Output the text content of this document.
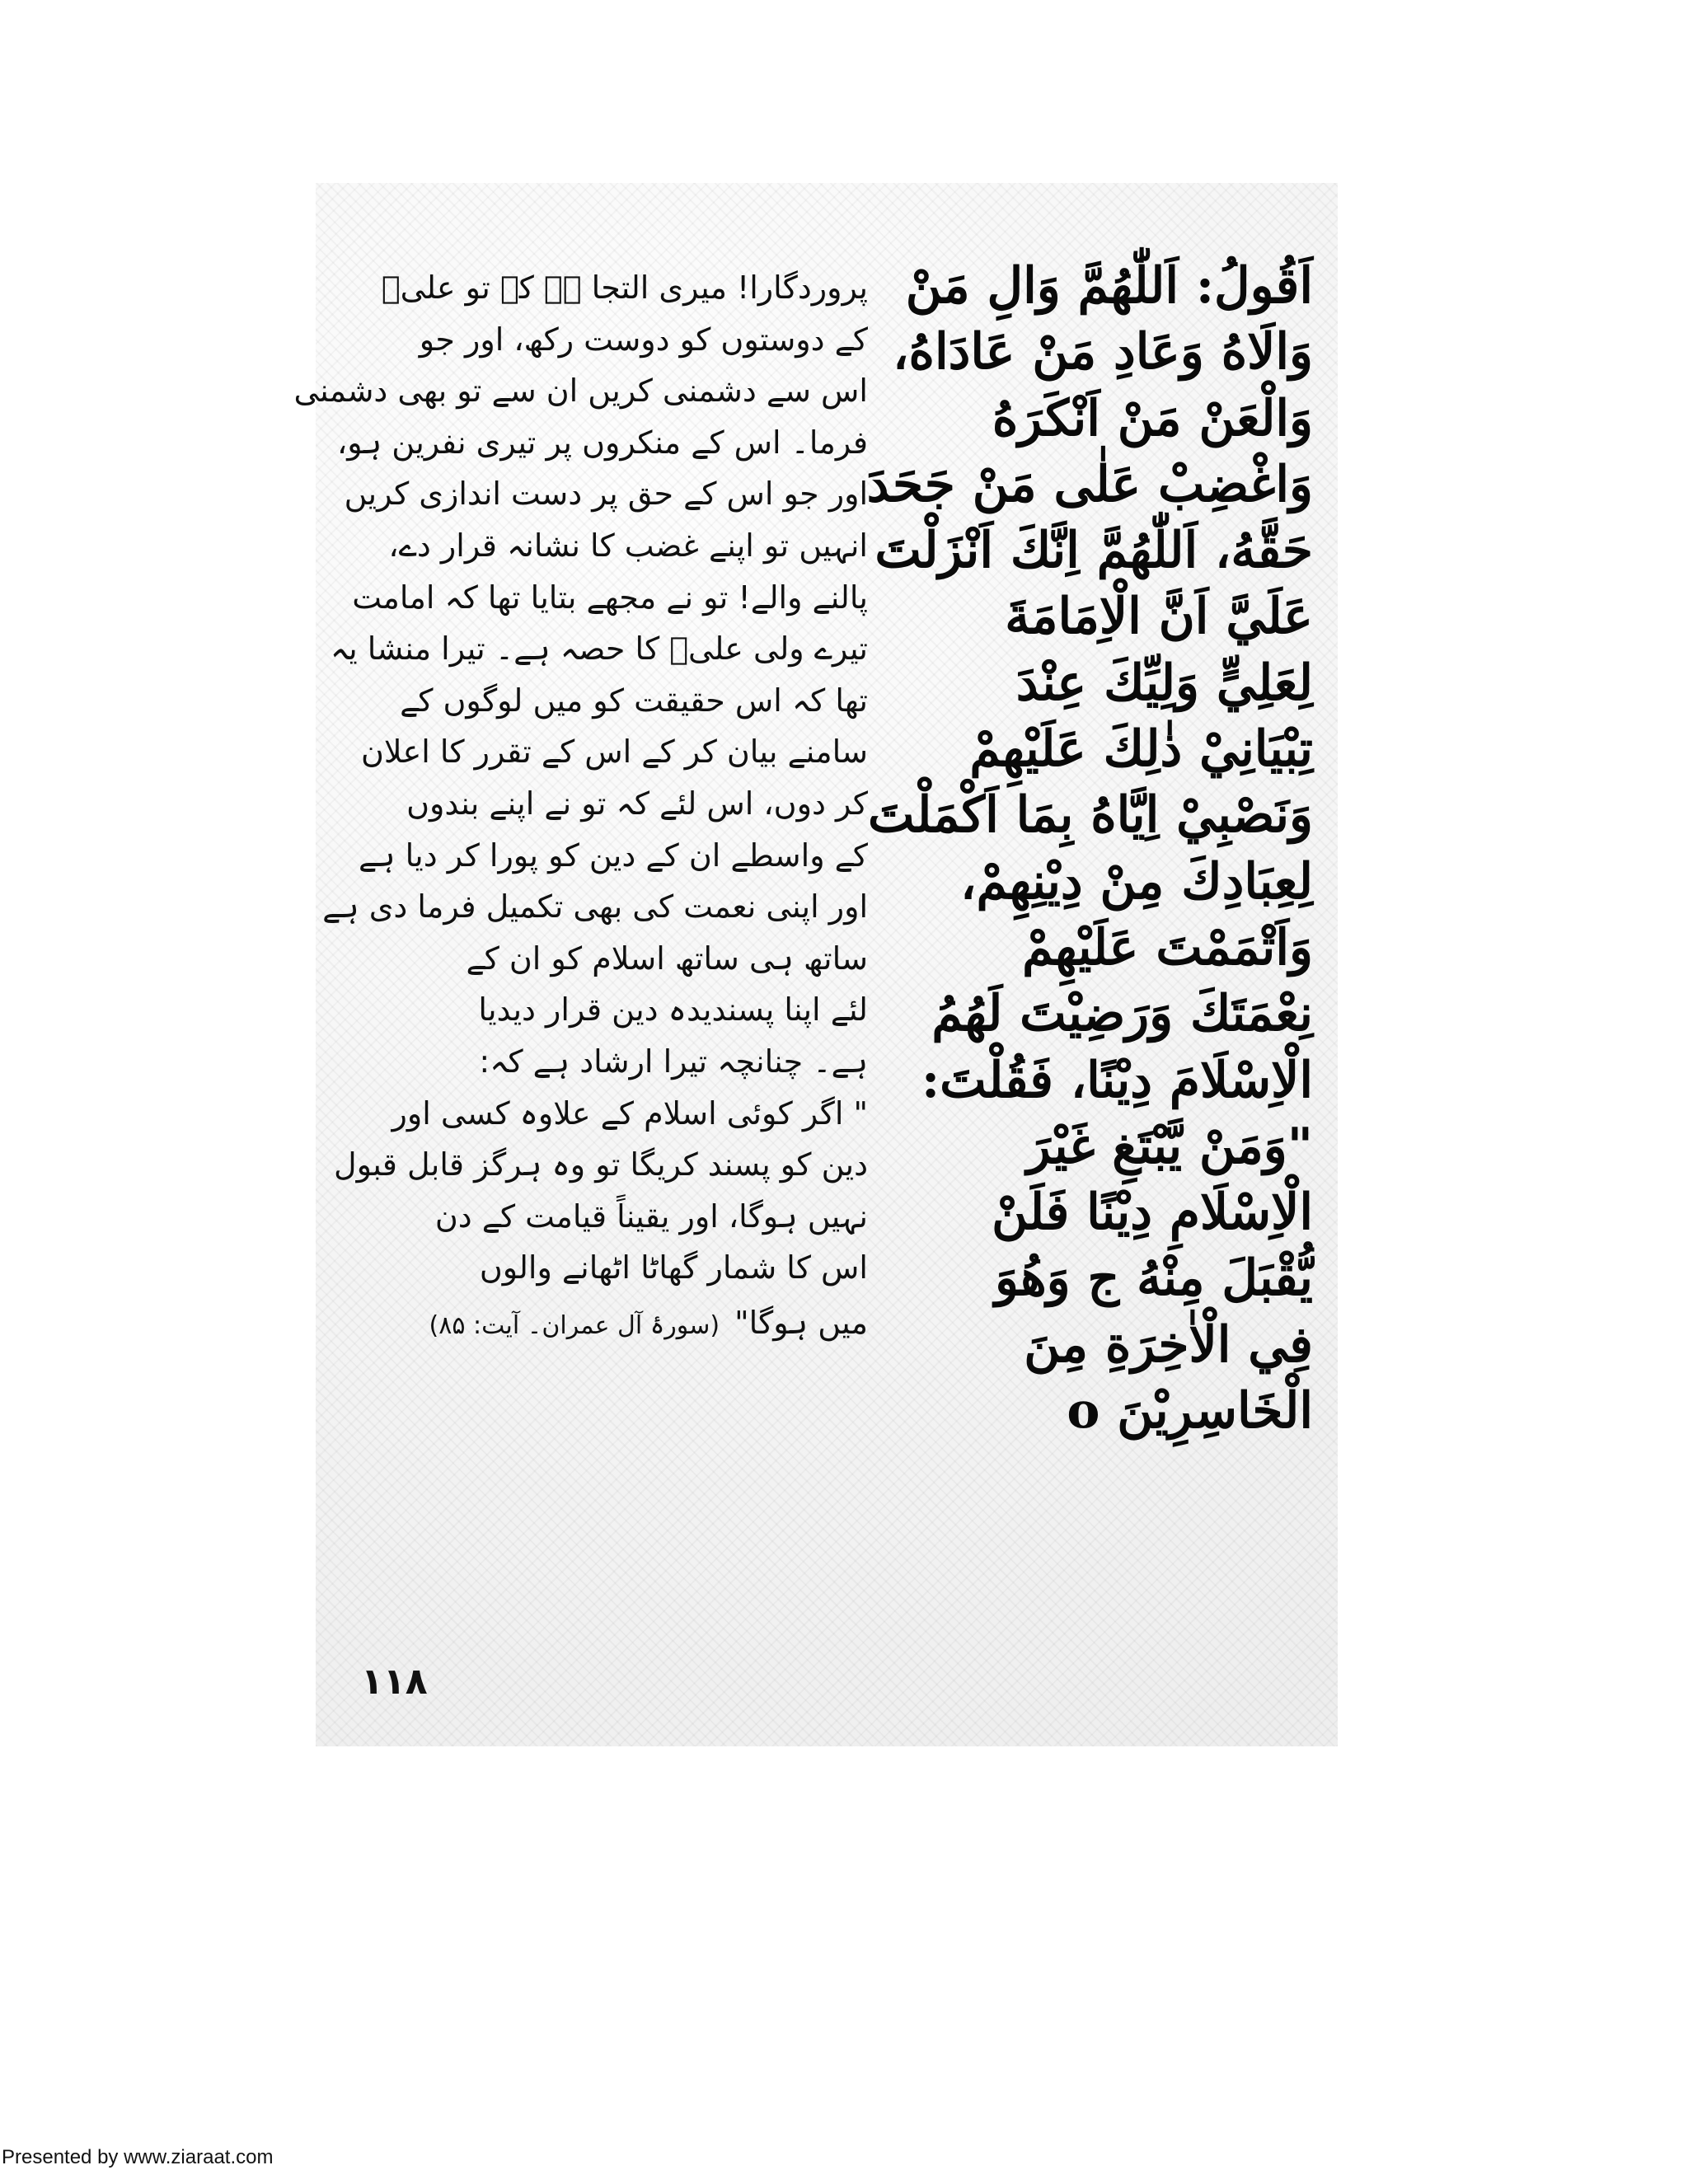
اَقُولُ: اَللّٰهُمَّ وَالِ مَنْ
وَالَاهُ وَعَادِ مَنْ عَادَاهُ،
وَالْعَنْ مَنْ اَنْكَرَهُ
وَاغْضِبْ عَلٰى مَنْ جَحَدَ
حَقَّهُ، اَللّٰهُمَّ اِنَّكَ اَنْزَلْتَ
عَلَيَّ اَنَّ الْاِمَامَةَ
لِعَلِيٍّ وَلِيِّكَ عِنْدَ
تِبْيَانِيْ ذٰلِكَ عَلَيْهِمْ
وَنَصْبِيْ اِيَّاهُ بِمَا اَكْمَلْتَ
لِعِبَادِكَ مِنْ دِيْنِهِمْ،
وَاَتْمَمْتَ عَلَيْهِمْ
نِعْمَتَكَ وَرَضِيْتَ لَهُمُ
الْاِسْلَامَ دِيْنًا، فَقُلْتَ:
"وَمَنْ يَّبْتَغِ غَيْرَ
الْاِسْلَامِ دِيْنًا فَلَنْ
يُّقْبَلَ مِنْهُ ج وَهُوَ
فِي الْاٰخِرَةِ مِنَ
الْخَاسِرِيْنَ o
پروردگارا! میری التجا ہے کہ تو علیؑ
کے دوستوں کو دوست رکھ، اور جو
اس سے دشمنی کریں ان سے تو بھی دشمنی
فرما۔ اس کے منکروں پر تیری نفرین ہو،
اور جو اس کے حق پر دست اندازی کریں
انہیں تو اپنے غضب کا نشانہ قرار دے،
پالنے والے! تو نے مجھے بتایا تھا کہ امامت
تیرے ولی علیؑ کا حصہ ہے۔ تیرا منشا یہ
تھا کہ اس حقیقت کو میں لوگوں کے
سامنے بیان کر کے اس کے تقرر کا اعلان
کر دوں، اس لئے کہ تو نے اپنے بندوں
کے واسطے ان کے دین کو پورا کر دیا ہے
اور اپنی نعمت کی بھی تکمیل فرما دی ہے
ساتھ ہی ساتھ اسلام کو ان کے
لئے اپنا پسندیدہ دین قرار دیدیا
ہے۔ چنانچہ تیرا ارشاد ہے کہ:
" اگر کوئی اسلام کے علاوہ کسی اور
دین کو پسند کریگا تو وہ ہرگز قابل قبول
نہیں ہوگا، اور یقیناً قیامت کے دن
اس کا شمار گھاٹا اٹھانے والوں
میں ہوگا"(سورۂ آل عمران۔ آیت: ۸۵)
۱۱۸
Presented by www.ziaraat.com
